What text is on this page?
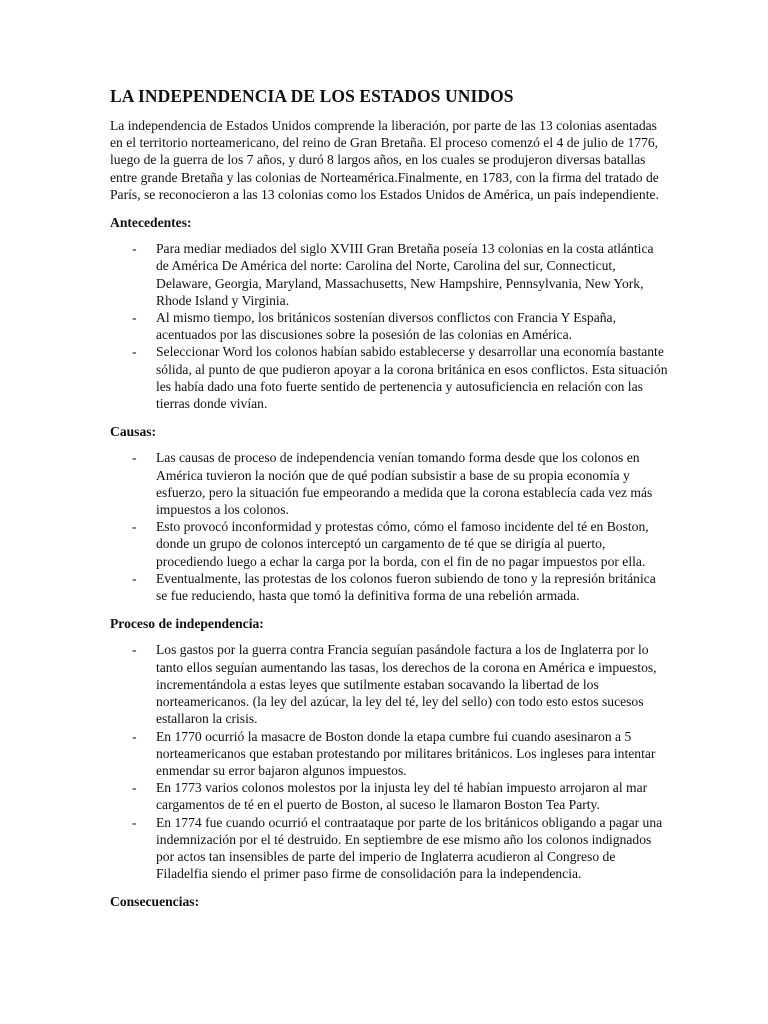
LA INDEPENDENCIA DE LOS ESTADOS UNIDOS

La independencia de Estados Unidos comprende la liberación, por parte de las 13 colonias asentadas en el territorio norteamericano, del reino de Gran Bretaña. El proceso comenzó el 4 de julio de 1776, luego de la guerra de los 7 años, y duró 8 largos años, en los cuales se produjeron diversas batallas entre grande Bretaña y las colonias de Norteamérica.Finalmente, en 1783, con la firma del tratado de París, se reconocieron a las 13 colonias como los Estados Unidos de América, un país independiente.

Antecedentes:
- Para mediar mediados del siglo XVIII Gran Bretaña poseía 13 colonias en la costa atlántica de América De América del norte: Carolina del Norte, Carolina del sur, Connecticut, Delaware, Georgia, Maryland, Massachusetts, New Hampshire, Pennsylvania, New York, Rhode Island y Virginia.
- Al mismo tiempo, los británicos sostenían diversos conflictos con Francia Y España, acentuados por las discusiones sobre la posesión de las colonias en América.
- Seleccionar Word los colonos habían sabido establecerse y desarrollar una economía bastante sólida, al punto de que pudieron apoyar a la corona británica en esos conflictos. Esta situación les había dado una foto fuerte sentido de pertenencia y autosuficiencia en relación con las tierras donde vivían.
Causas:
- Las causas de proceso de independencia venían tomando forma desde que los colonos en América tuvieron la noción que de qué podían subsistir a base de su propia economía y esfuerzo, pero la situación fue empeorando a medida que la corona establecía cada vez más impuestos a los colonos.
- Esto provocó inconformidad y protestas cómo, cómo el famoso incidente del té en Boston, donde un grupo de colonos interceptó un cargamento de té que se dirigía al puerto, procediendo luego a echar la carga por la borda, con el fin de no pagar impuestos por ella.
- Eventualmente, las protestas de los colonos fueron subiendo de tono y la represión británica se fue reduciendo, hasta que tomó la definitiva forma de una rebelión armada.
Proceso de independencia:
- Los gastos por la guerra contra Francia seguían pasándole factura a los de Inglaterra por lo tanto ellos seguían aumentando las tasas, los derechos de la corona en América e impuestos, incrementándola a estas leyes que sutilmente estaban socavando la libertad de los norteamericanos. (la ley del azúcar, la ley del té, ley del sello) con todo esto estos sucesos estallaron la crisis.
- En 1770 ocurrió la masacre de Boston donde la etapa cumbre fui cuando asesinaron a 5 norteamericanos que estaban protestando por militares británicos. Los ingleses para intentar enmendar su error bajaron algunos impuestos.
- En 1773 varios colonos molestos por la injusta ley del té habían impuesto arrojaron al mar cargamentos de té en el puerto de Boston, al suceso le llamaron Boston Tea Party.
- En 1774 fue cuando ocurrió el contraataque por parte de los británicos obligando a pagar una indemnización por el té destruido. En septiembre de ese mismo año los colonos indignados por actos tan insensibles de parte del imperio de Inglaterra acudieron al Congreso de Filadelfia siendo el primer paso firme de consolidación para la independencia.
Consecuencias:
